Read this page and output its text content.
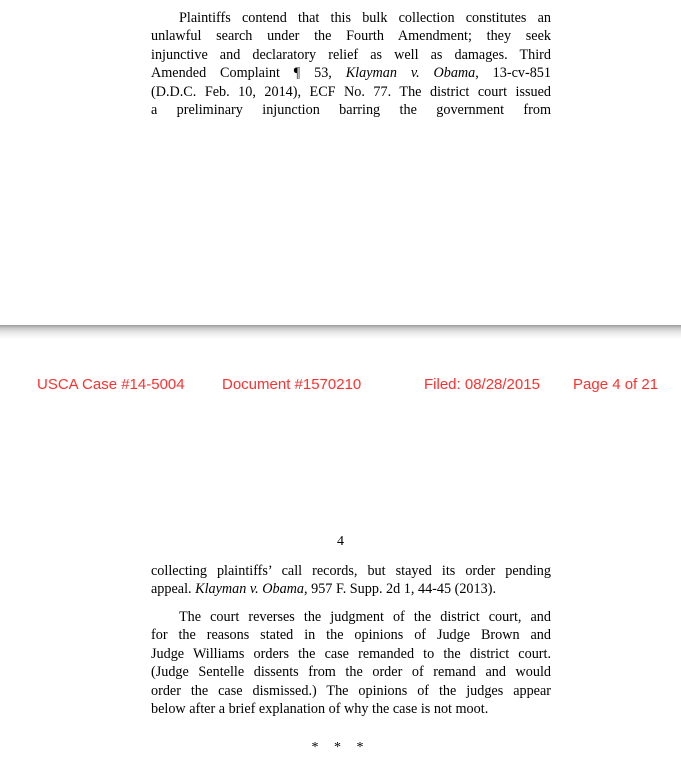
Plaintiffs contend that this bulk collection constitutes an
unlawful search under the Fourth Amendment; they seek
injunctive and declaratory relief as well as damages. Third
Amended Complaint ¶ 53, Klayman v. Obama, 13-cv-851
(D.D.C. Feb. 10, 2014), ECF No. 77. The district court issued
a preliminary injunction barring the government from
USCA Case #14-5004 Document #1570210	Filed: 08/28/2015 Page 4 of 21
4
collecting plaintiffs’ call records, but stayed its order pending
appeal. Klayman v. Obama, 957 F. Supp. 2d 1, 44-45 (2013).
The court reverses the judgment of the district court, and
for the reasons stated in the opinions of Judge Brown and
Judge Williams orders the case remanded to the district court.
(Judge Sentelle dissents from the order of remand and would
order the case dismissed.) The opinions of the judges appear
below after a brief explanation of why the case is not moot.
* * *
